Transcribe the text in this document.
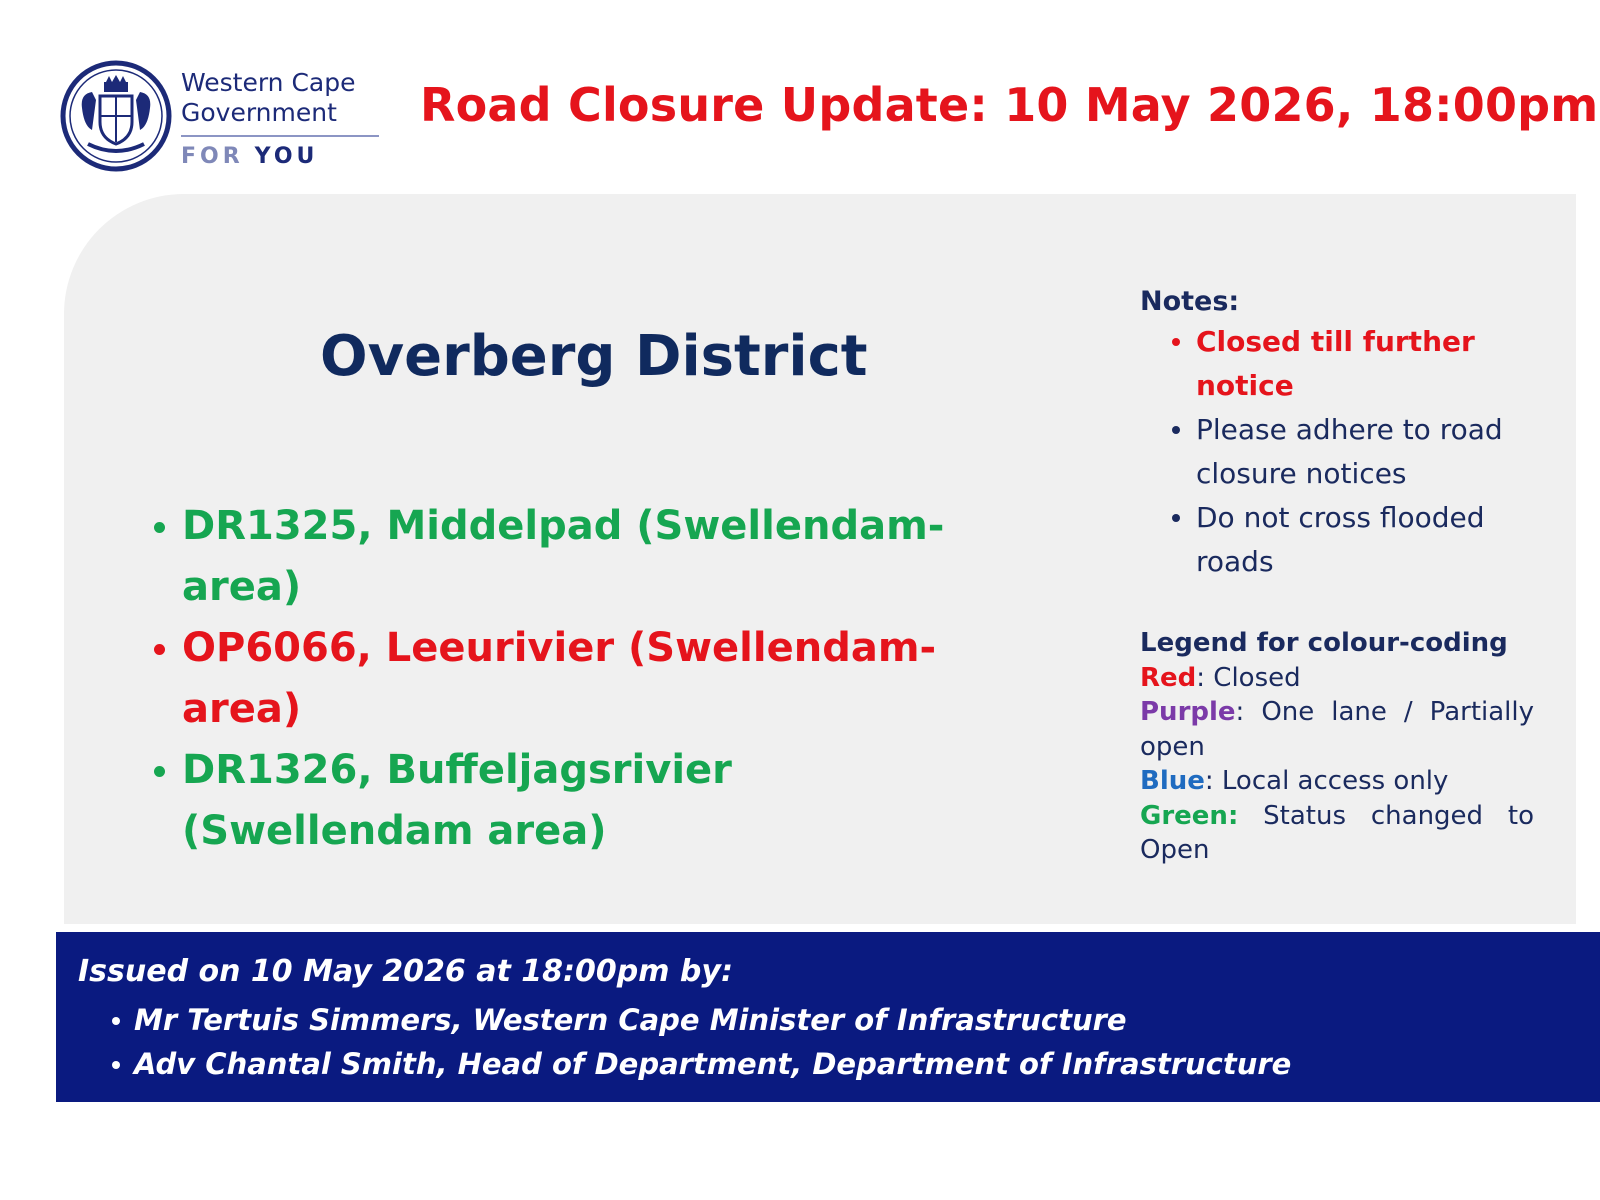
Western Cape
Government
FOR YOU
Road Closure Update: 10 May 2026, 18:00pm
Overberg District
DR1325, Middelpad (Swellendam-area)
OP6066, Leeurivier (Swellendam-area)
DR1326, Buffeljagsrivier (Swellendam area)
Notes:
Closed till further notice
Please adhere to road closure notices
Do not cross flooded roads
Legend for colour-coding
Red: Closed
Purple: One lane / Partially open
Blue: Local access only
Green: Status changed to Open
Issued on 10 May 2026 at 18:00pm by:
Mr Tertuis Simmers, Western Cape Minister of Infrastructure
Adv Chantal Smith, Head of Department, Department of Infrastructure
